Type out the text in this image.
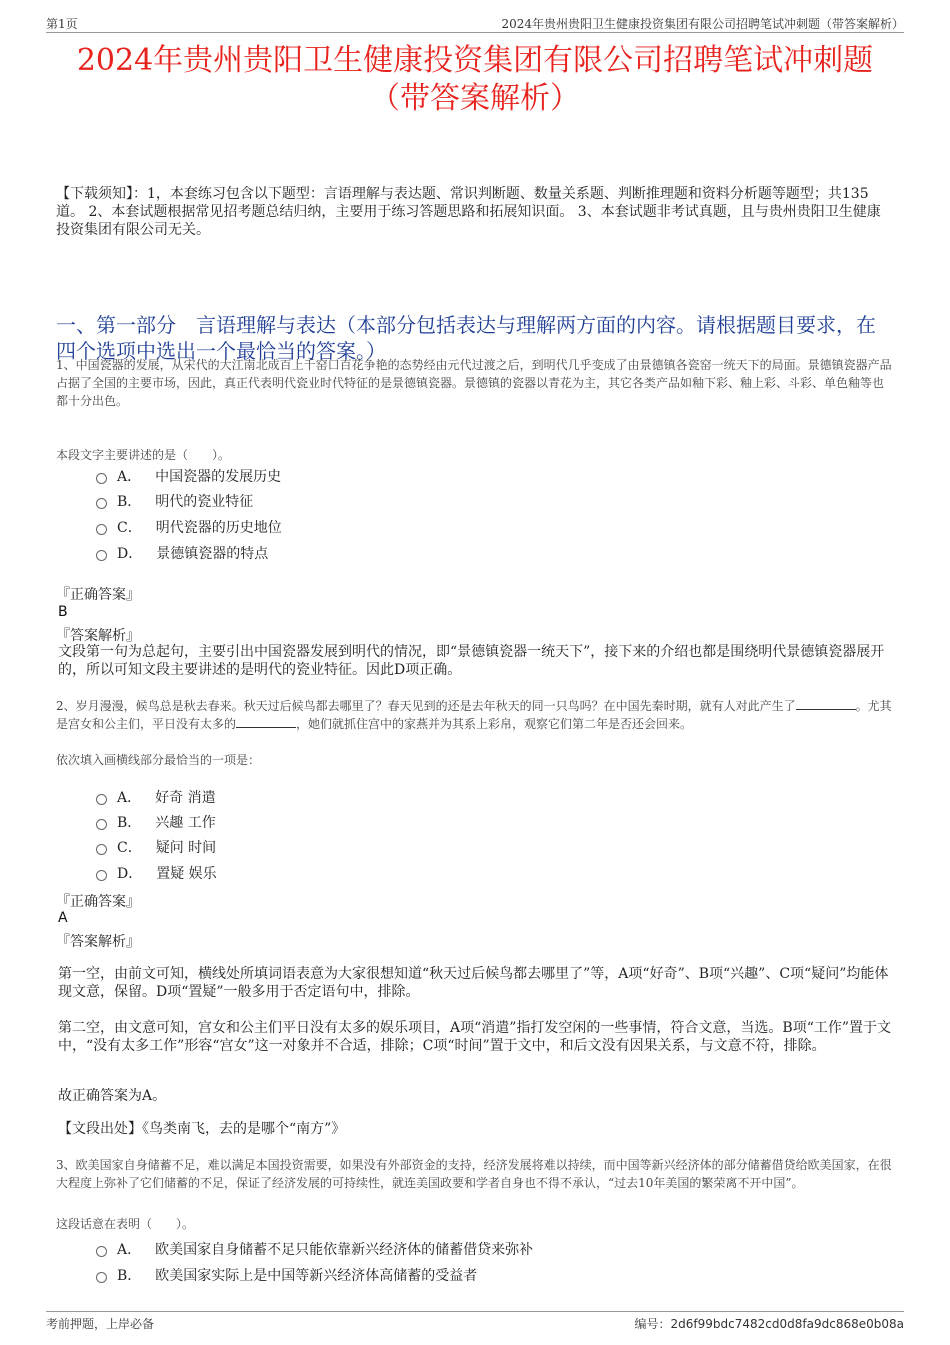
第1页	2024年贵州贵阳卫生健康投资集团有限公司招聘笔试冲刺题（带答案解析）
2024年贵州贵阳卫生健康投资集团有限公司招聘笔试冲刺题
（带答案解析）
【下载须知】：1，本套练习包含以下题型：言语理解与表达题、常识判断题、数量关系题、判断推理题和资料分析题等题型；共135道。 2、本套试题根据常见招考题总结归纳，主要用于练习答题思路和拓展知识面。 3、本套试题非考试真题，且与贵州贵阳卫生健康投资集团有限公司无关。
一、第一部分　言语理解与表达（本部分包括表达与理解两方面的内容。请根据题目要求，在四个选项中选出一个最恰当的答案。）
1、中国瓷器的发展，从宋代的大江南北成百上千窑口百花争艳的态势经由元代过渡之后，到明代几乎变成了由景德镇各瓷窑一统天下的局面。景德镇瓷器产品占据了全国的主要市场，因此，真正代表明代瓷业时代特征的是景德镇瓷器。景德镇的瓷器以青花为主，其它各类产品如釉下彩、釉上彩、斗彩、单色釉等也都十分出色。
本段文字主要讲述的是（　　）。
A． 中国瓷器的发展历史
B． 明代的瓷业特征
C． 明代瓷器的历史地位
D． 景德镇瓷器的特点
『正确答案』
B
『答案解析』
文段第一句为总起句，主要引出中国瓷器发展到明代的情况，即“景德镇瓷器一统天下”，接下来的介绍也都是围绕明代景德镇瓷器展开的，所以可知文段主要讲述的是明代的瓷业特征。因此D项正确。
2、岁月漫漫，候鸟总是秋去春来。秋天过后候鸟都去哪里了？春天见到的还是去年秋天的同一只鸟吗？在中国先秦时期，就有人对此产生了	。尤其是宫女和公主们，平日没有太多的	，她们就抓住宫中的家燕并为其系上彩帛，观察它们第二年是否还会回来。
依次填入画横线部分最恰当的一项是：
A． 好奇 消遣
B． 兴趣 工作
C． 疑问 时间
D． 置疑 娱乐
『正确答案』
A
『答案解析』
第一空，由前文可知，横线处所填词语表意为大家很想知道“秋天过后候鸟都去哪里了”等，A项“好奇”、B项“兴趣”、C项“疑问”均能体现文意，保留。D项“置疑”一般多用于否定语句中，排除。
第二空，由文意可知，宫女和公主们平日没有太多的娱乐项目，A项“消遣”指打发空闲的一些事情，符合文意，当选。B项“工作”置于文中，“没有太多工作”形容“宫女”这一对象并不合适，排除；C项“时间”置于文中，和后文没有因果关系，与文意不符，排除。
故正确答案为A。
【文段出处】《鸟类南飞，去的是哪个“南方”》
3、欧美国家自身储蓄不足，难以满足本国投资需要，如果没有外部资金的支持，经济发展将难以持续，而中国等新兴经济体的部分储蓄借贷给欧美国家，在很大程度上弥补了它们储蓄的不足，保证了经济发展的可持续性，就连美国政要和学者自身也不得不承认，“过去10年美国的繁荣离不开中国”。
这段话意在表明（　　）。
A． 欧美国家自身储蓄不足只能依靠新兴经济体的储蓄借贷来弥补
B． 欧美国家实际上是中国等新兴经济体高储蓄的受益者
考前押题，上岸必备	编号：2d6f99bdc7482cd0d8fa9dc868e0b08a
